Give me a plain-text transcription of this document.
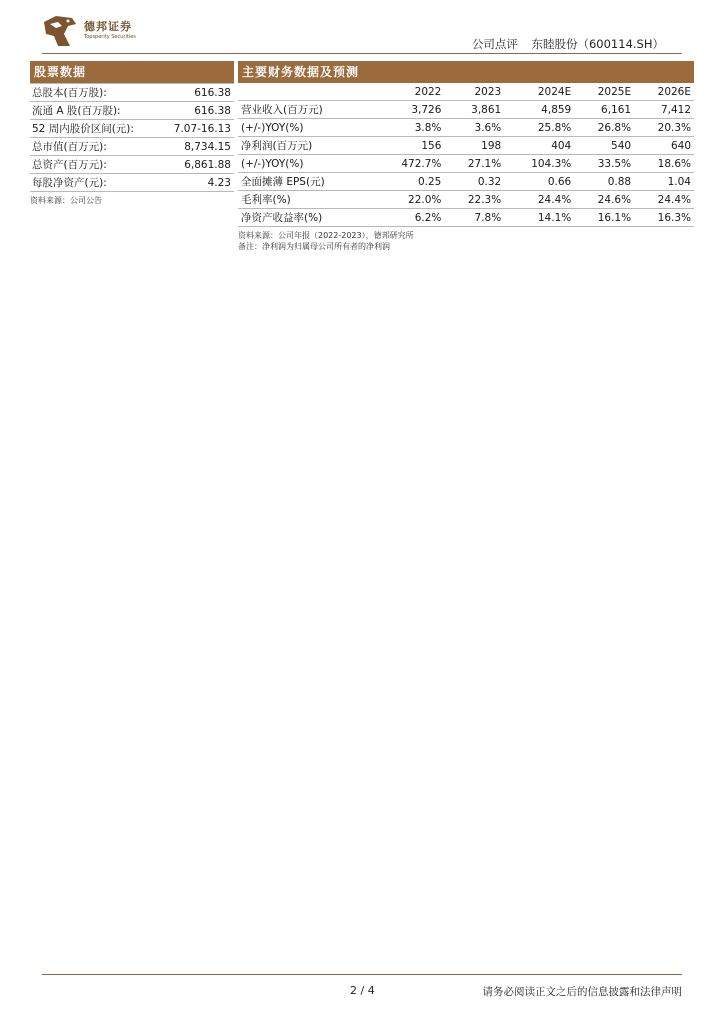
德邦证券
Topsperity Securities	公司点评 东睦股份（600114.SH）
股票数据
总股本(百万股):	616.38
流通 A 股(百万股):	616.38
52 周内股价区间(元):	7.07-16.13
总市值(百万元):	8,734.15
总资产(百万元):	6,861.88
每股净资产(元):	4.23
资料来源：公司公告
主要财务数据及预测
	2022	2023	2024E	2025E	2026E
营业收入(百万元)	3,726	3,861	4,859	6,161	7,412
(+/-)YOY(%)	3.8%	3.6%	25.8%	26.8%	20.3%
净利润(百万元)	156	198	404	540	640
(+/-)YOY(%)	472.7%	27.1%	104.3%	33.5%	18.6%
全面摊薄 EPS(元)	0.25	0.32	0.66	0.88	1.04
毛利率(%)	22.0%	22.3%	24.4%	24.6%	24.4%
净资产收益率(%)	6.2%	7.8%	14.1%	16.1%	16.3%
资料来源：公司年报（2022-2023），德邦研究所
备注：净利润为归属母公司所有者的净利润
2 / 4	请务必阅读正文之后的信息披露和法律声明
